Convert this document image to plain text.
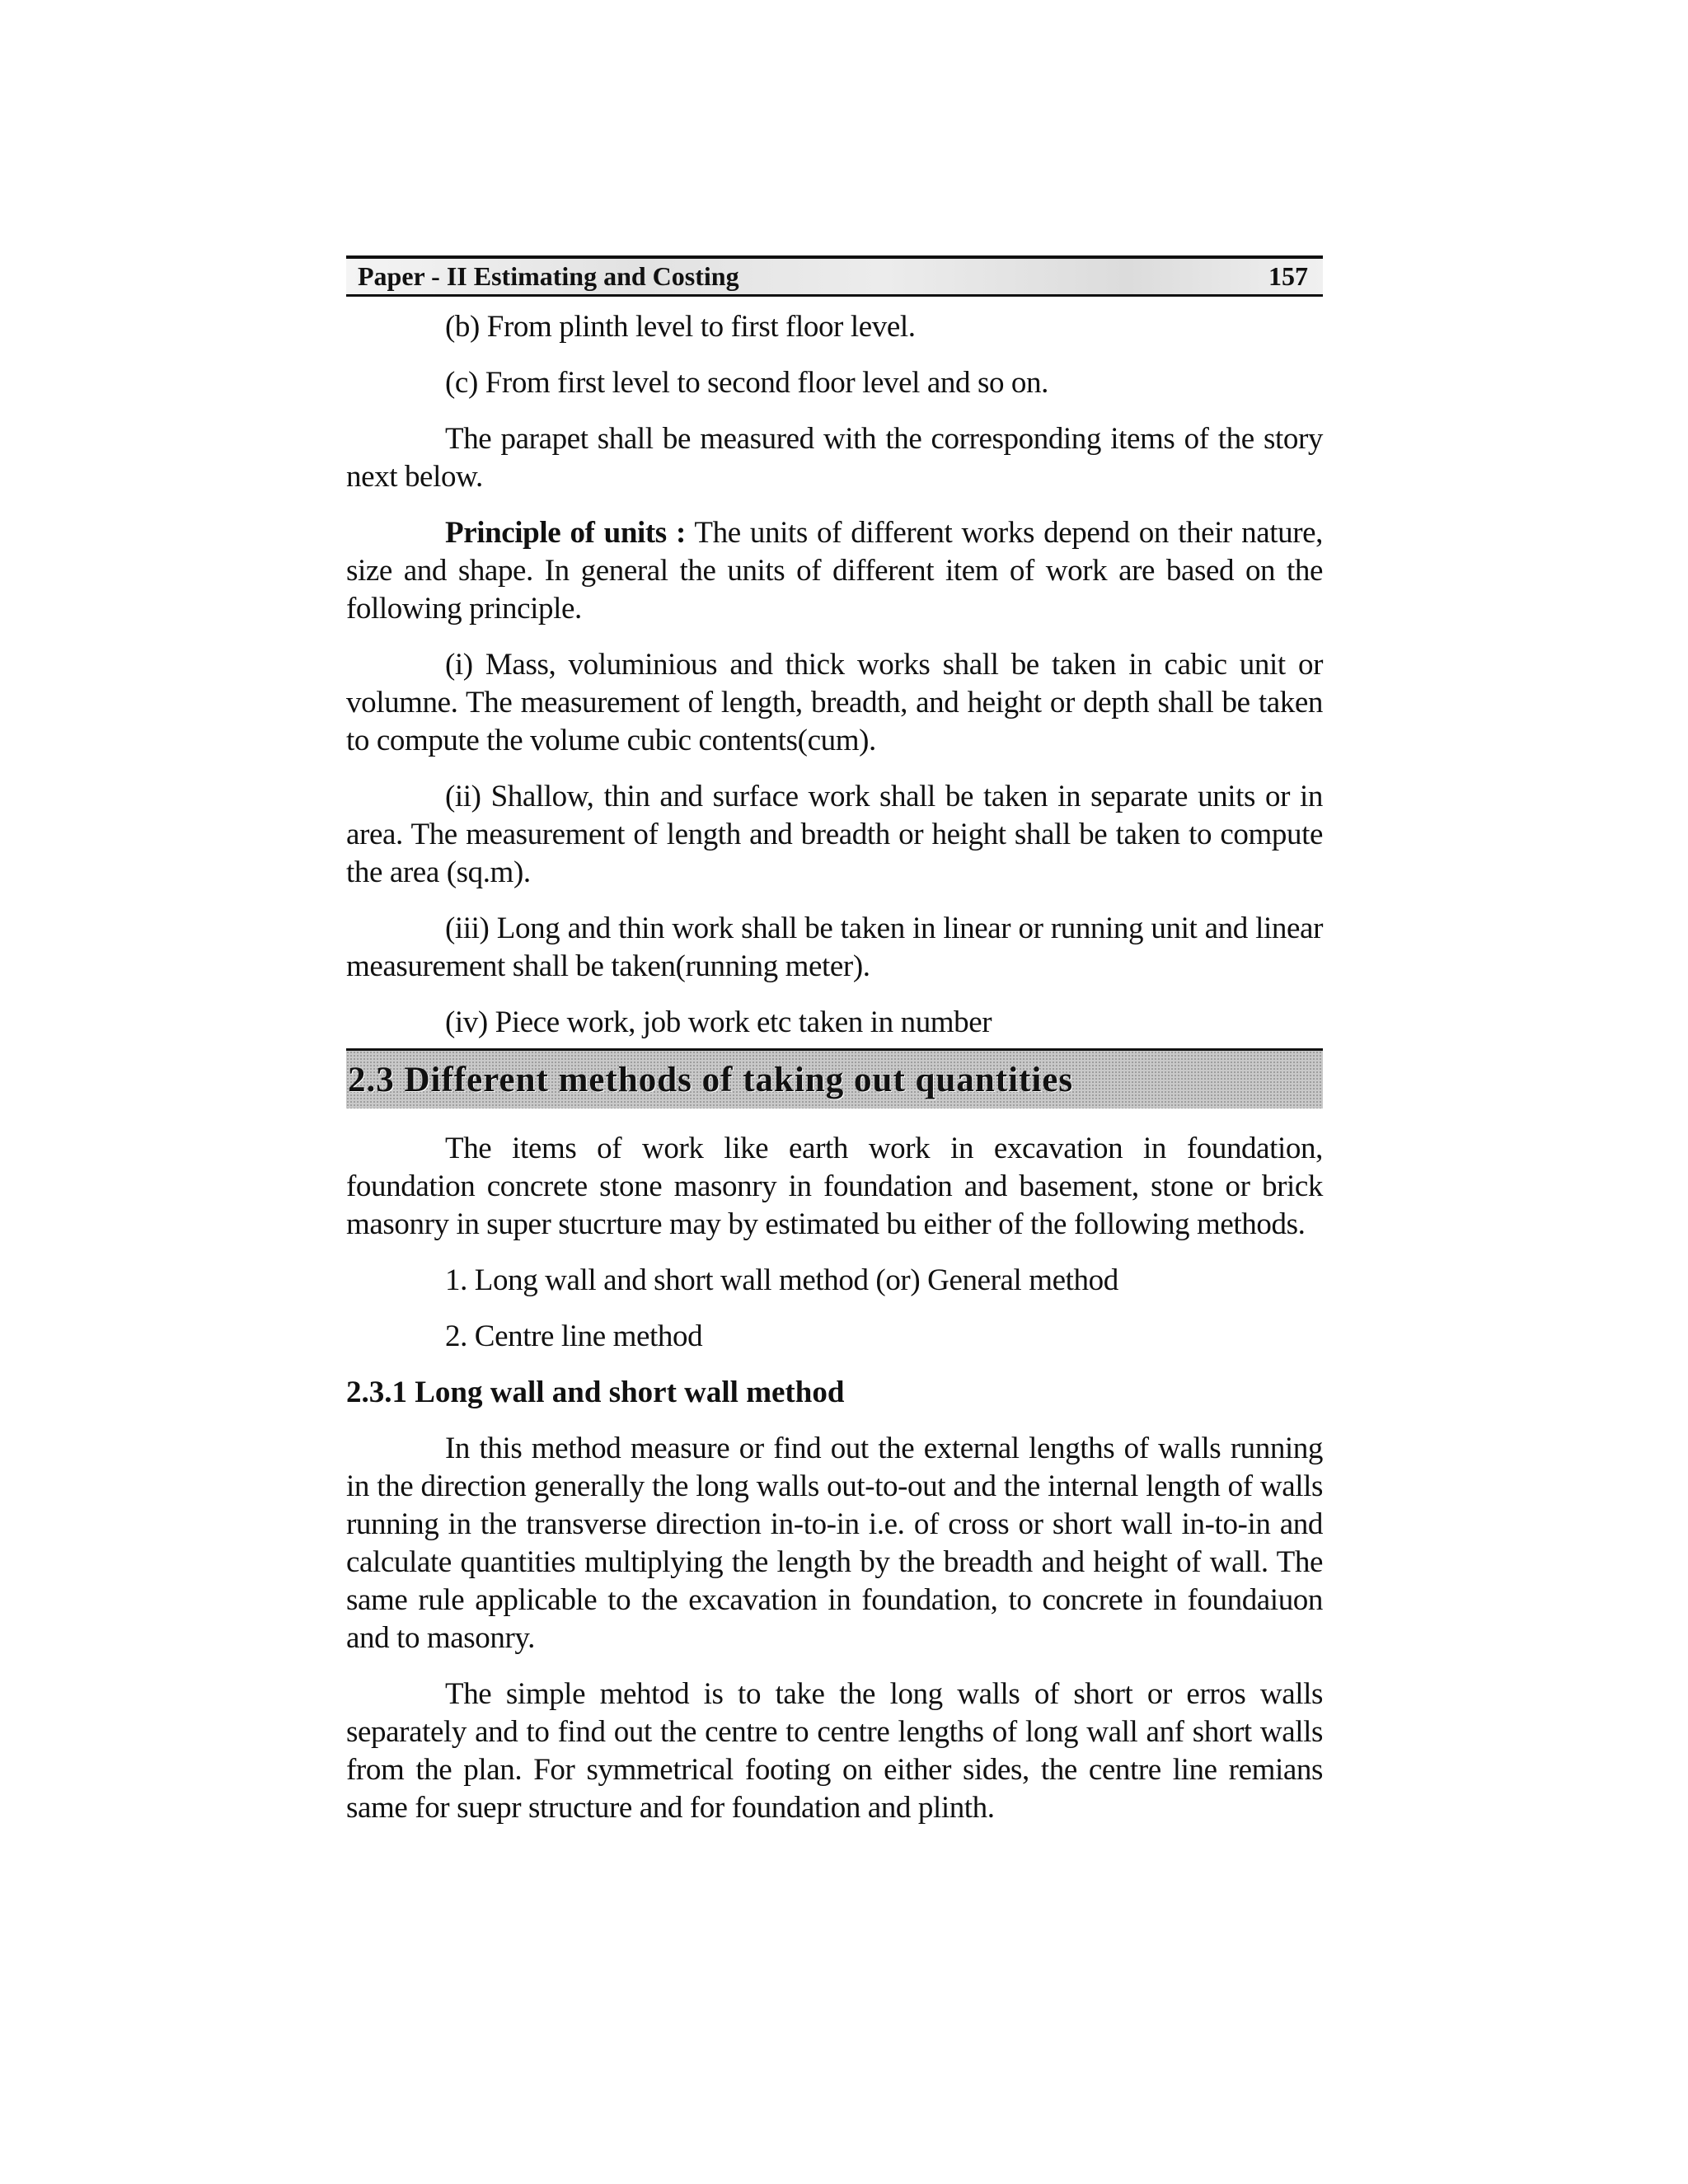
Paper - II Estimating and Costing	157

(b) From plinth level to first floor level.

(c) From first level to second floor level and so on.

The parapet shall be measured with the corresponding items of the story next below.

Principle of units : The units of different works depend on their nature, size and shape. In general the units of different item of work are based on the following principle.

(i) Mass, voluminious and thick works shall be taken in cabic unit or volumne. The measurement of length, breadth, and height or depth shall be taken to compute the volume cubic contents(cum).

(ii) Shallow, thin and surface work shall be taken in separate units or in area. The measurement of length and breadth or height shall be taken to compute the area (sq.m).

(iii) Long and thin work shall be taken in linear or running unit and linear measurement shall be taken(running meter).

(iv) Piece work, job work etc taken in number

2.3 Different methods of taking out quantities

The items of work like earth work in excavation in foundation, foundation concrete stone masonry in foundation and basement, stone or brick masonry in super stucrture may by estimated bu either of the following methods.

1. Long wall and short wall method (or) General method

2. Centre line method

2.3.1 Long wall and short wall method

In this method measure or find out the external lengths of walls running in the direction generally the long walls out-to-out and the internal length of walls running in the transverse direction in-to-in i.e. of cross or short wall in-to-in and calculate quantities multiplying the length by the breadth and height of wall. The same rule applicable to the excavation in foundation, to concrete in foundaiuon and to masonry.

The simple mehtod is to take the long walls of short or erros walls separately and to find out the centre to centre lengths of long wall anf short walls from the plan. For symmetrical footing on either sides, the centre line remians same for suepr structure and for foundation and plinth.
